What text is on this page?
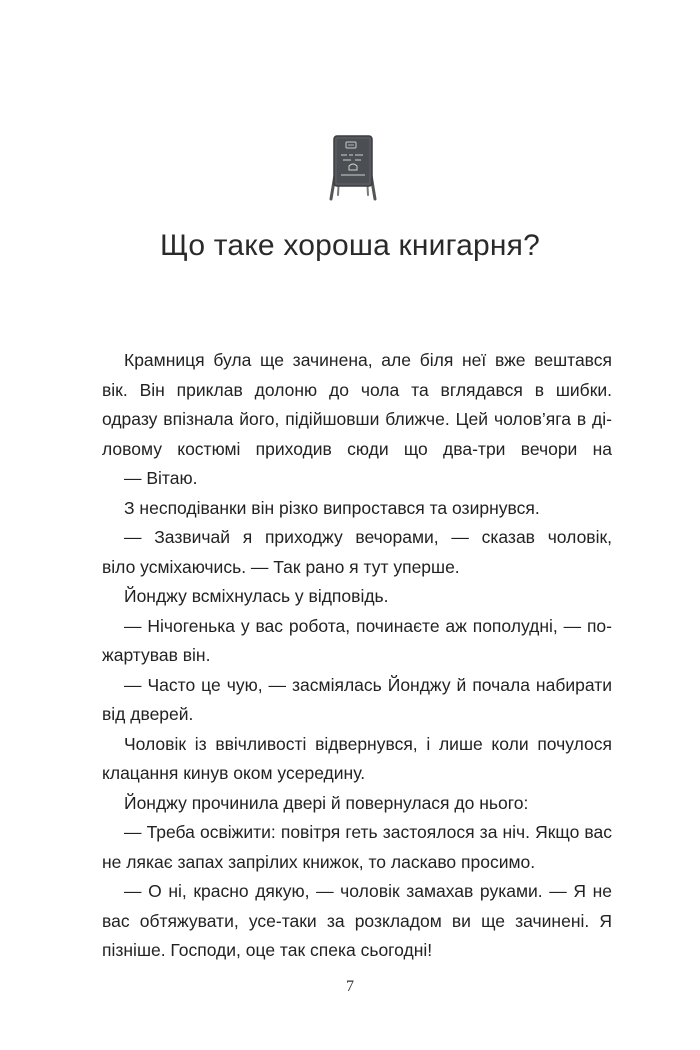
Що таке хороша книгарня?
Крамниця була ще зачинена, але біля неї вже вештався
вік. Він приклав долоню до чола та вглядався в шибки.
одразу впізнала його, підійшовши ближче. Цей чолов’яга в ді-
ловому костюмі приходив сюди що два-три вечори на
— Вітаю.
З несподіванки він різко випростався та озирнувся.
— Зазвичай я приходжу вечорами, — сказав чоловік,
віло усміхаючись. — Так рано я тут уперше.
Йонджу всміхнулась у відповідь.
— Нічогенька у вас робота, починаєте аж пополудні, — по-
жартував він.
— Часто це чую, — засміялась Йонджу й почала набирати
від дверей.
Чоловік із ввічливості відвернувся, і лише коли почулося
клацання кинув оком усередину.
Йонджу прочинила двері й повернулася до нього:
— Треба освіжити: повітря геть застоялося за ніч. Якщо вас
не лякає запах запрілих книжок, то ласкаво просимо.
— О ні, красно дякую, — чоловік замахав руками. — Я не
вас обтяжувати, усе-таки за розкладом ви ще зачинені. Я
пізніше. Господи, оце так спека сьогодні!
7
